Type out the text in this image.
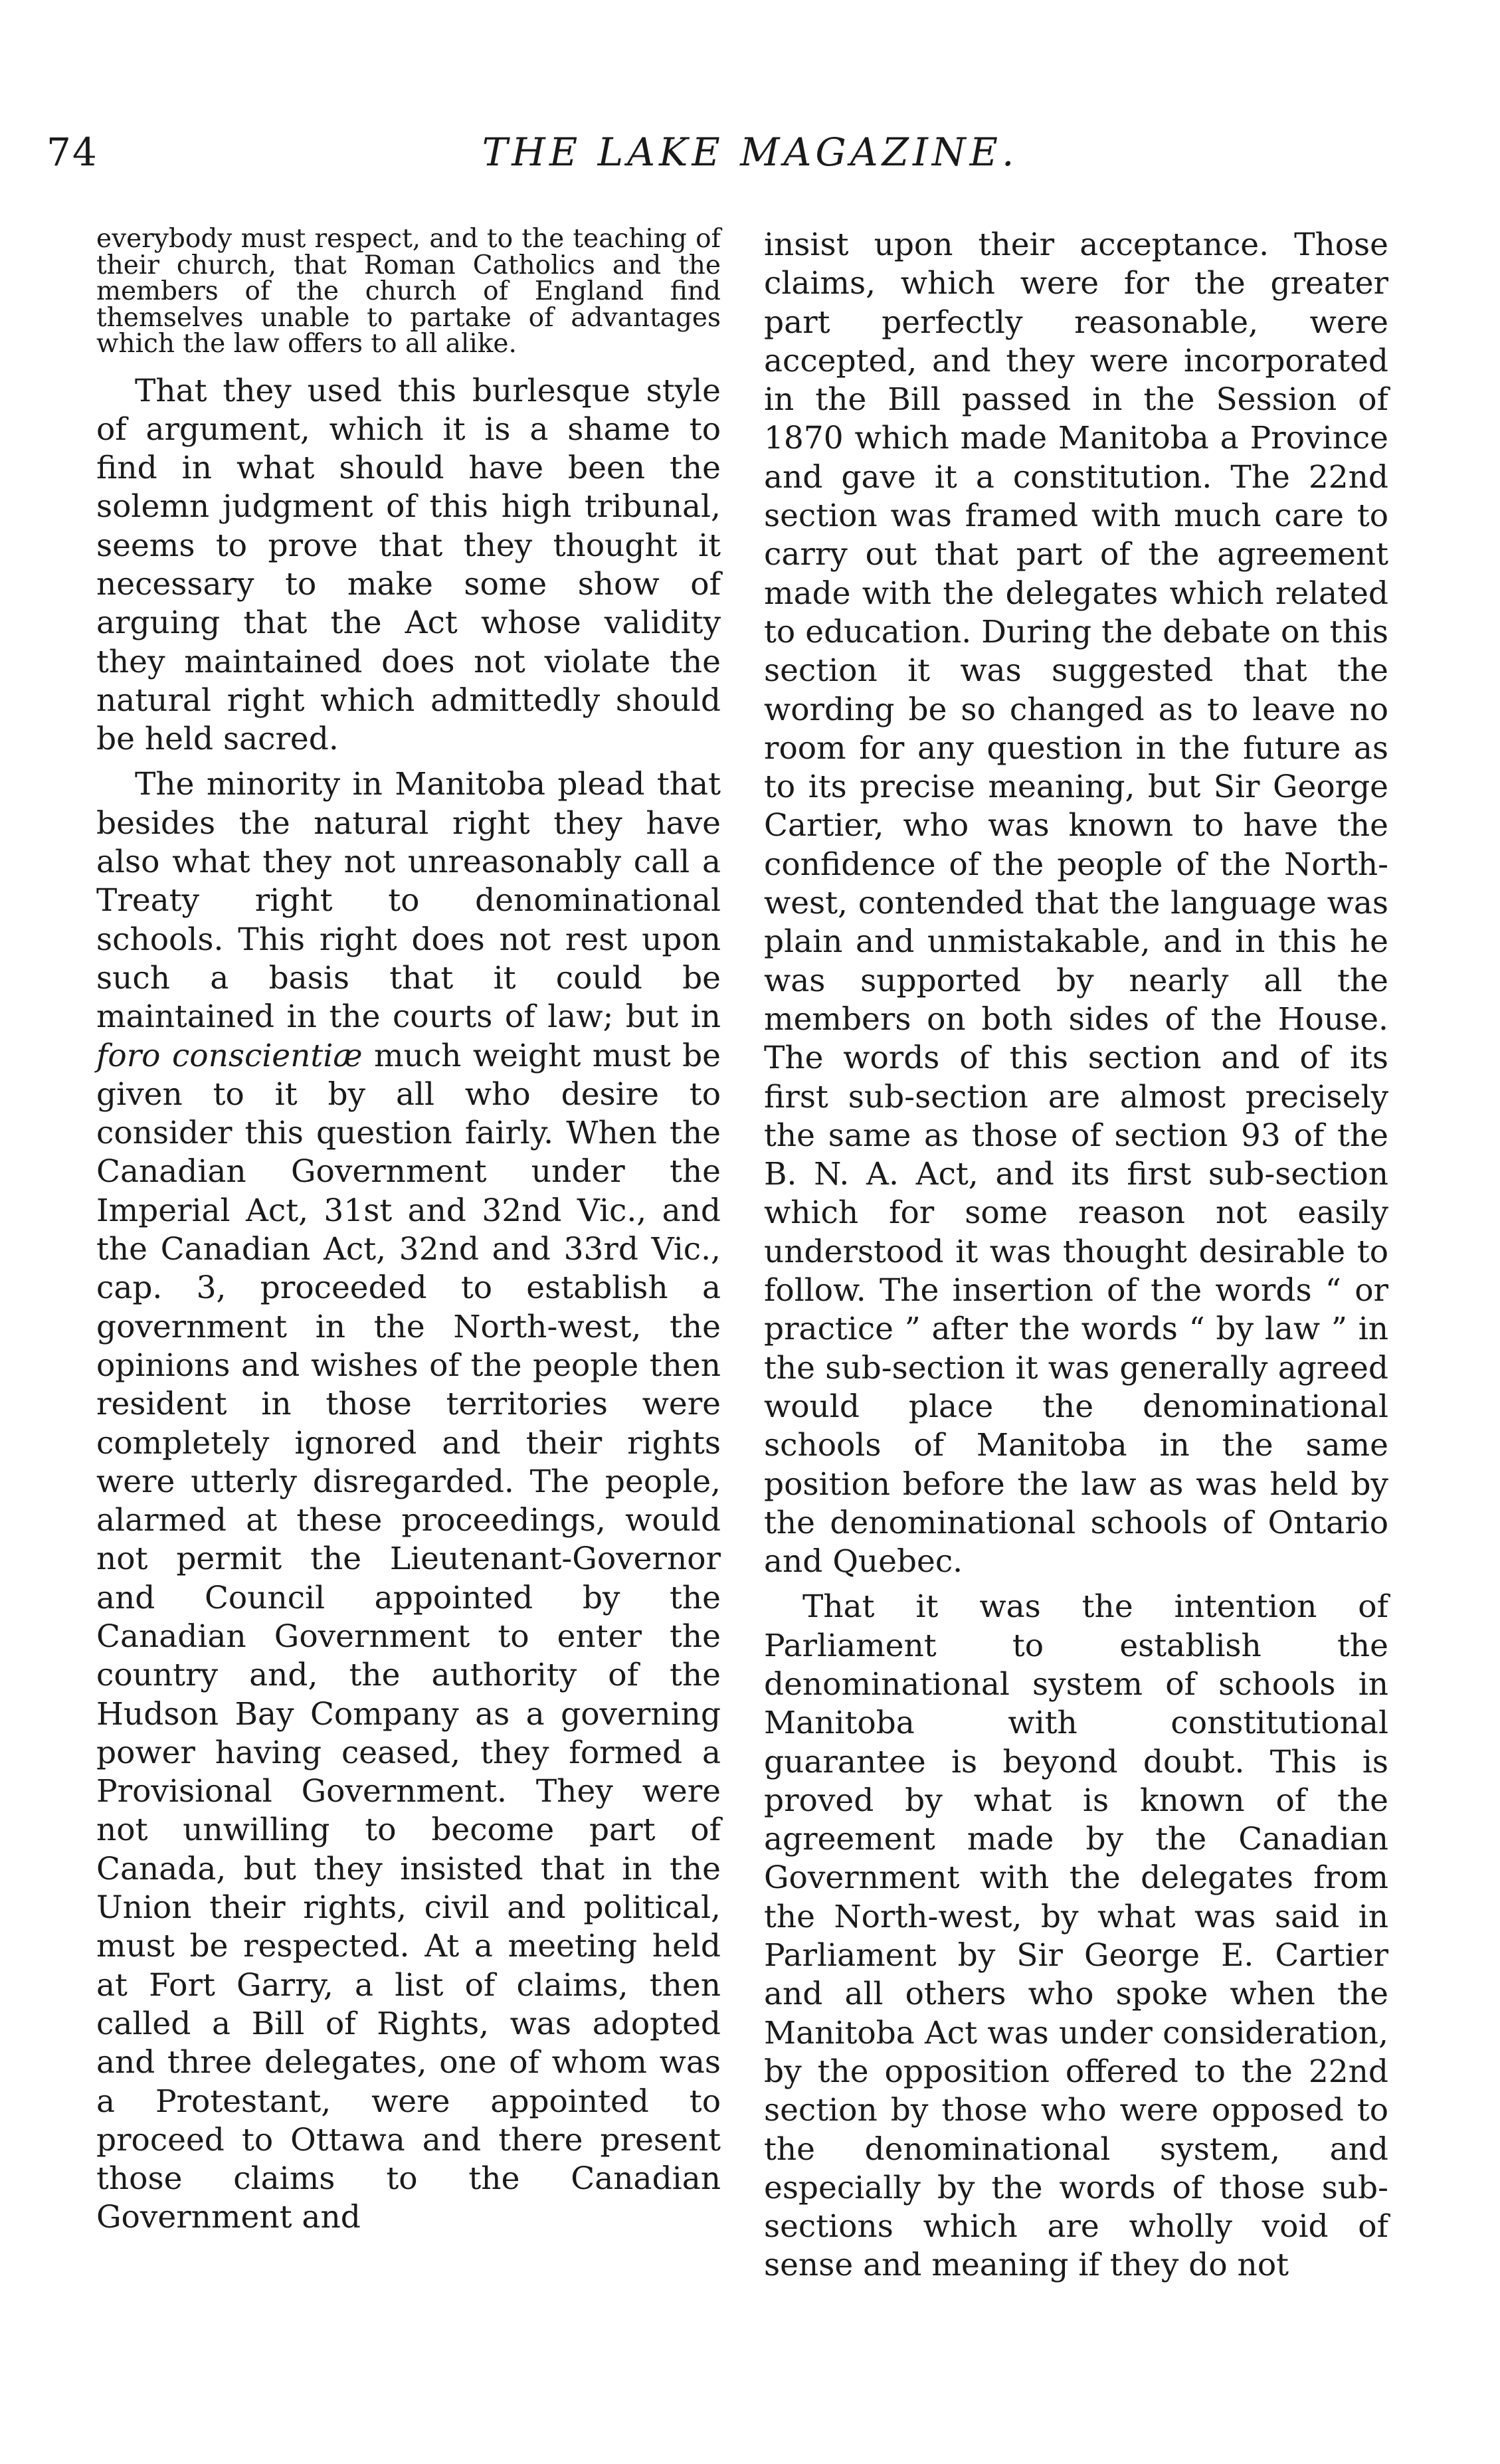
74	THE LAKE MAGAZINE.

everybody must respect, and to the teaching of their church, that Roman Catholics and the members of the church of England find themselves unable to partake of advantages which the law offers to all alike.

That they used this burlesque style of argument, which it is a shame to find in what should have been the solemn judgment of this high tribunal, seems to prove that they thought it necessary to make some show of arguing that the Act whose validity they maintained does not violate the natural right which admittedly should be held sacred.

The minority in Manitoba plead that besides the natural right they have also what they not unreasonably call a Treaty right to denominational schools. This right does not rest upon such a basis that it could be maintained in the courts of law; but in foro conscientiæ much weight must be given to it by all who desire to consider this question fairly. When the Canadian Government under the Imperial Act, 31st and 32nd Vic., and the Canadian Act, 32nd and 33rd Vic., cap. 3, proceeded to establish a government in the North-west, the opinions and wishes of the people then resident in those territories were completely ignored and their rights were utterly disregarded. The people, alarmed at these proceedings, would not permit the Lieutenant-Governor and Council appointed by the Canadian Government to enter the country and, the authority of the Hudson Bay Company as a governing power having ceased, they formed a Provisional Government. They were not unwilling to become part of Canada, but they insisted that in the Union their rights, civil and political, must be respected. At a meeting held at Fort Garry, a list of claims, then called a Bill of Rights, was adopted and three delegates, one of whom was a Protestant, were appointed to proceed to Ottawa and there present those claims to the Canadian Government and

insist upon their acceptance. Those claims, which were for the greater part perfectly reasonable, were accepted, and they were incorporated in the Bill passed in the Session of 1870 which made Manitoba a Province and gave it a constitution. The 22nd section was framed with much care to carry out that part of the agreement made with the delegates which related to education. During the debate on this section it was suggested that the wording be so changed as to leave no room for any question in the future as to its precise meaning, but Sir George Cartier, who was known to have the confidence of the people of the North-west, contended that the language was plain and unmistakable, and in this he was supported by nearly all the members on both sides of the House. The words of this section and of its first sub-section are almost precisely the same as those of section 93 of the B. N. A. Act, and its first sub-section which for some reason not easily understood it was thought desirable to follow. The insertion of the words “ or practice ” after the words “ by law ” in the sub-section it was generally agreed would place the denominational schools of Manitoba in the same position before the law as was held by the denominational schools of Ontario and Quebec.

That it was the intention of Parliament to establish the denominational system of schools in Manitoba with constitutional guarantee is beyond doubt. This is proved by what is known of the agreement made by the Canadian Government with the delegates from the North-west, by what was said in Parliament by Sir George E. Cartier and all others who spoke when the Manitoba Act was under consideration, by the opposition offered to the 22nd section by those who were opposed to the denominational system, and especially by the words of those sub-sections which are wholly void of sense and meaning if they do not
